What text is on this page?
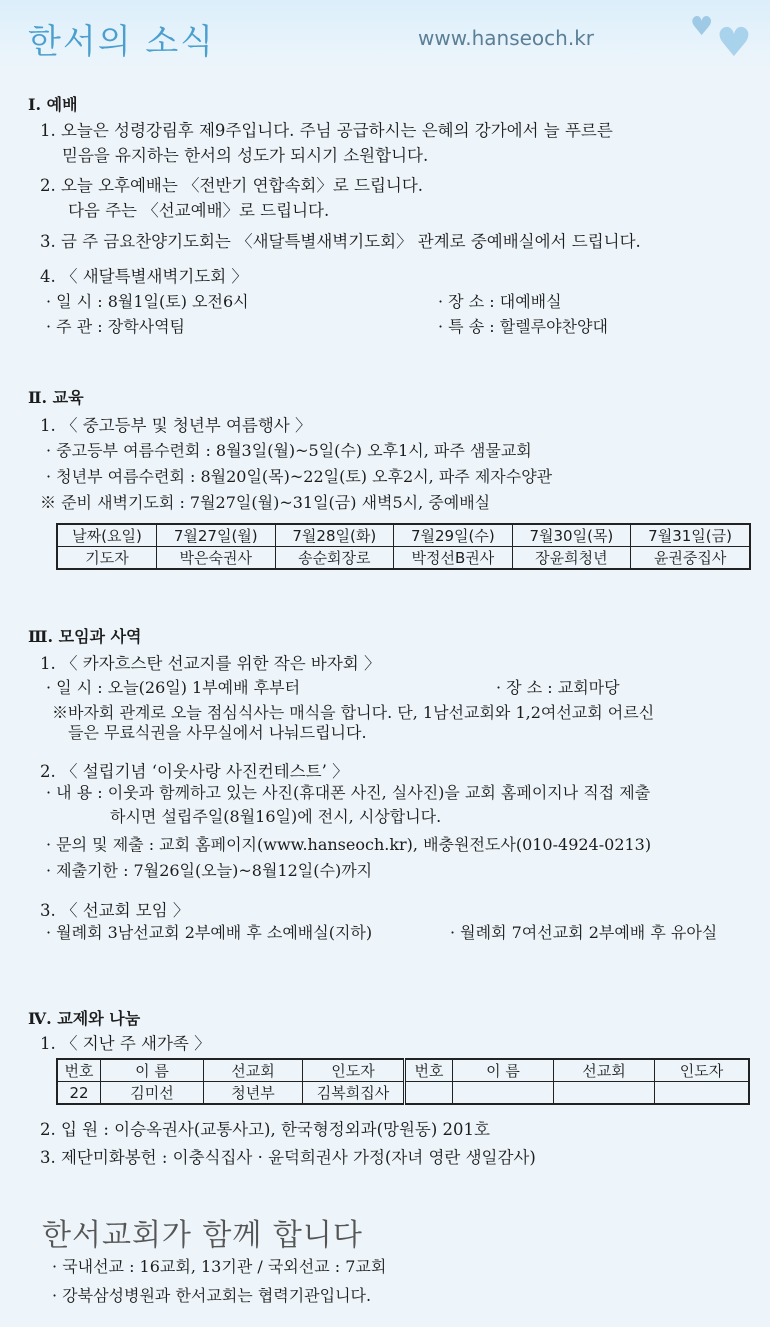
한서의 소식	www.hanseoch.kr	♥ ♥
Ⅰ. 예배
1. 오늘은 성령강림후 제9주입니다. 주님 공급하시는 은혜의 강가에서 늘 푸르른
믿음을 유지하는 한서의 성도가 되시기 소원합니다.
2. 오늘 오후예배는 〈전반기 연합속회〉로 드립니다.
다음 주는 〈선교예배〉로 드립니다.
3. 금 주 금요찬양기도회는 〈새달특별새벽기도회〉 관계로 중예배실에서 드립니다.
4. 〈 새달특별새벽기도회 〉
· 일 시 : 8월1일(토) 오전6시	· 장 소 : 대예배실
· 주 관 : 장학사역팀	· 특 송 : 할렐루야찬양대
Ⅱ. 교육
1. 〈 중고등부 및 청년부 여름행사 〉
· 중고등부 여름수련회 : 8월3일(월)~5일(수) 오후1시, 파주 샘물교회
· 청년부 여름수련회 : 8월20일(목)~22일(토) 오후2시, 파주 제자수양관
※ 준비 새벽기도회 : 7월27일(월)~31일(금) 새벽5시, 중예배실
날짜(요일)	7월27일(월)	7월28일(화)	7월29일(수)	7월30일(목)	7월31일(금)
기도자	박은숙권사	송순회장로	박정선B권사	장윤희청년	윤권중집사
Ⅲ. 모임과 사역
1. 〈 카자흐스탄 선교지를 위한 작은 바자회 〉
· 일 시 : 오늘(26일) 1부예배 후부터	· 장 소 : 교회마당
※바자회 관계로 오늘 점심식사는 매식을 합니다. 단, 1남선교회와 1,2여선교회 어르신
들은 무료식권을 사무실에서 나눠드립니다.
2. 〈 설립기념 ‘이웃사랑 사진컨테스트’ 〉
· 내 용 : 이웃과 함께하고 있는 사진(휴대폰 사진, 실사진)을 교회 홈페이지나 직접 제출
하시면 설립주일(8월16일)에 전시, 시상합니다.
· 문의 및 제출 : 교회 홈페이지(www.hanseoch.kr), 배충원전도사(010-4924-0213)
· 제출기한 : 7월26일(오늘)~8월12일(수)까지
3. 〈 선교회 모임 〉
· 월례회 3남선교회 2부예배 후 소예배실(지하)	· 월례회 7여선교회 2부예배 후 유아실
Ⅳ. 교제와 나눔
1. 〈 지난 주 새가족 〉
번호	이 름	선교회	인도자	번호	이 름	선교회	인도자
22	김미선	청년부	김복희집사				
2. 입 원 : 이승옥권사(교통사고), 한국형정외과(망원동) 201호
3. 제단미화봉헌 : 이충식집사 · 윤덕희권사 가정(자녀 영란 생일감사)
한서교회가 함께 합니다
· 국내선교 : 16교회, 13기관 / 국외선교 : 7교회
· 강북삼성병원과 한서교회는 협력기관입니다.
